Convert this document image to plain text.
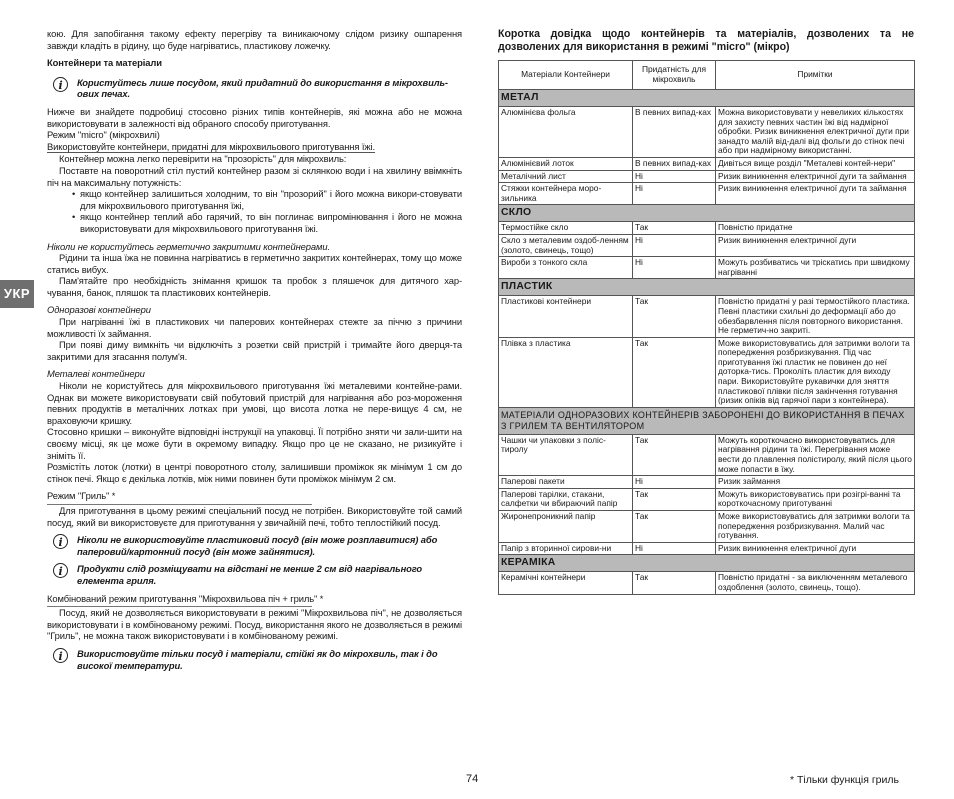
кою. Для запобігання такому ефекту перегріву та виникаючому слідом ризику ошпарення завжди кладіть в рідину, що буде нагріватись, пластикову ложечку.

Контейнери та матеріали

i	Користуйтесь лише посудом, який придатний до використання в мікрохвиль-ових печах.

Нижче ви знайдете подробиці стосовно різних типів контейнерів, які можна або не можна використовувати в залежності від обраного способу приготування.

Режим "micro" (мікрохвилі)

Використовуйте контейнери, придатні для мікрохвильового приготування їжі.

Контейнер можна легко перевірити на "прозорість" для мікрохвиль:

Поставте на поворотний стіл пустий контейнер разом зі склянкою води і на хвилину ввімкніть піч на максимальну потужність:

• якщо контейнер залишиться холодним, то він "прозорий" і його можна викори-стовувати для мікрохвильового приготування їжі,

• якщо контейнер теплий або гарячий, то він поглинає випромінювання і його не можна використовувати для мікрохвильового приготування їжі.

Ніколи не користуйтесь герметично закритими контейнерами.

Рідини та інша їжа не повинна нагріватись в герметично закритих контейнерах, тому що може статись вибух.

Пам'ятайте про необхідність знімання кришок та пробок з пляшечок для дитячого хар-чування, банок, пляшок та пластикових контейнерів.

Одноразові контейнери

При нагріванні їжі в пластикових чи паперових контейнерах стежте за піччю з причини можливості їх займання.

При появі диму вимкніть чи відключіть з розетки свій пристрій і тримайте його дверця-та закритими для згасання полум'я.

Металеві контейнери

Ніколи не користуйтесь для мікрохвильового приготування їжі металевими контейне-рами. Однак ви можете використовувати свій побутовий пристрій для нагрівання або роз-мороження певних продуктів в металічних лотках при умові, що висота лотка не пере-вищує 4 см, не враховуючи кришку.

Стосовно кришки – виконуйте відповідні інструкції на упаковці. Її потрібно зняти чи зали-шити на своєму місці, як це може бути в окремому випадку. Якщо про це не сказано, не ризикуйте і зніміть її.

Розмістіть лоток (лотки) в центрі поворотного столу, залишивши проміжок як мінімум 1 см до стінок печі. Якщо є декілька лотків, між ними повинен бути проміжок мінімум 2 см.

Режим "Гриль" *

Для приготування в цьому режимі спеціальний посуд не потрібен. Використовуйте той самий посуд, який ви використовуєте для приготування у звичайній печі, тобто теплостійкий посуд.

i	Ніколи не використовуйте пластиковий посуд (він може розплавитися) або паперовий/картонний посуд (він може зайнятися).

i	Продукти слід розміщувати на відстані не менше 2 см від нагрівального елемента гриля.

Комбінований режим приготування "Мікрохвильова піч + гриль" *

Посуд, який не дозволяється використовувати в режимі "Мікрохвильова піч", не дозволяється використовувати і в комбінованому режимі. Посуд, використання якого не дозволяється в режимі "Гриль", не можна також використовувати і в комбінованому режимі.

i	Використовуйте тільки посуд і матеріали, стійкі як до мікрохвиль, так і до високої температури.

УКР
Коротка довідка щодо контейнерів та матеріалів, дозволених та не дозволених для використання в режимі "micro" (мікро)
Матеріали Контейнери	Придатність для мікрохвиль	Примітки
МЕТАЛ		
Алюмінієва фольга	В певних випад-ках	Можна використовувати у невеликих кількостях для захисту певних частин їжі від надмірної обробки. Ризик виникнення електричної дуги при занадто малій від-далі від фольги до стінок печі або при надмірному використанні.
Алюмінієвий лоток	В певних випад-ках	Дивіться вище розділ "Металеві контей-нери"
Металічний лист	Ні	Ризик виникнення електричної дуги та займання
Стяжки контейнера моро-зильника	Ні	Ризик виникнення електричної дуги та займання
СКЛО		
Термостійке скло	Так	Повністю придатне
Скло з металевим оздоб-ленням (золото, свинець, тощо)	Ні	Ризик виникнення електричної дуги
Вироби з тонкого скла	Ні	Можуть розбиватись чи тріскатись при швидкому нагріванні
ПЛАСТИК		
Пластикові контейнери	Так	Повністю придатні у разі термостійкого пластика. Певні пластики схильні до деформації або до обезбарвлення після повторного використання. Не герметич-но закриті.
Плівка з пластика	Так	Може використовуватись для затримки вологи та попередження розбризкування. Під час приготування їжі пластик не повинен до неї доторка-тись. Проколіть пластик для виходу пари. Використовуйте рукавички для зняття пластикової плівки після закінчення готування (ризик опіків від гарячої пари з контейнера).
МАТЕРІАЛИ ОДНОРАЗОВИХ КОНТЕЙНЕРІВ ЗАБОРОНЕНІ ДО ВИКОРИСТАННЯ В ПЕЧАХ З ГРИЛЕМ ТА ВЕНТИЛЯТОРОМ		
Чашки чи упаковки з поліс-тиролу	Так	Можуть короткочасно використовуватись для нагрівання рідини та їжі. Перегрівання може вести до плавлення полістиролу, який після цього може попасти в їжу.
Паперові пакети	Ні	Ризик займання
Паперові тарілки, стакани, салфетки чи вбираючий папір	Так	Можуть використовуватись при розігрі-ванні та короткочасному приготуванні
Жиронепроникний папір	Так	Може використовуватись для затримки вологи та попередження розбризкування. Малий час готування.
Папір з вторинної сирови-ни	Ні	Ризик виникнення електричної дуги
КЕРАМІКА		
Керамічні контейнери	Так	Повністю придатні - за виключенням металевого оздоблення (золото, свинець, тощо).
74	* Тільки функція гриль
